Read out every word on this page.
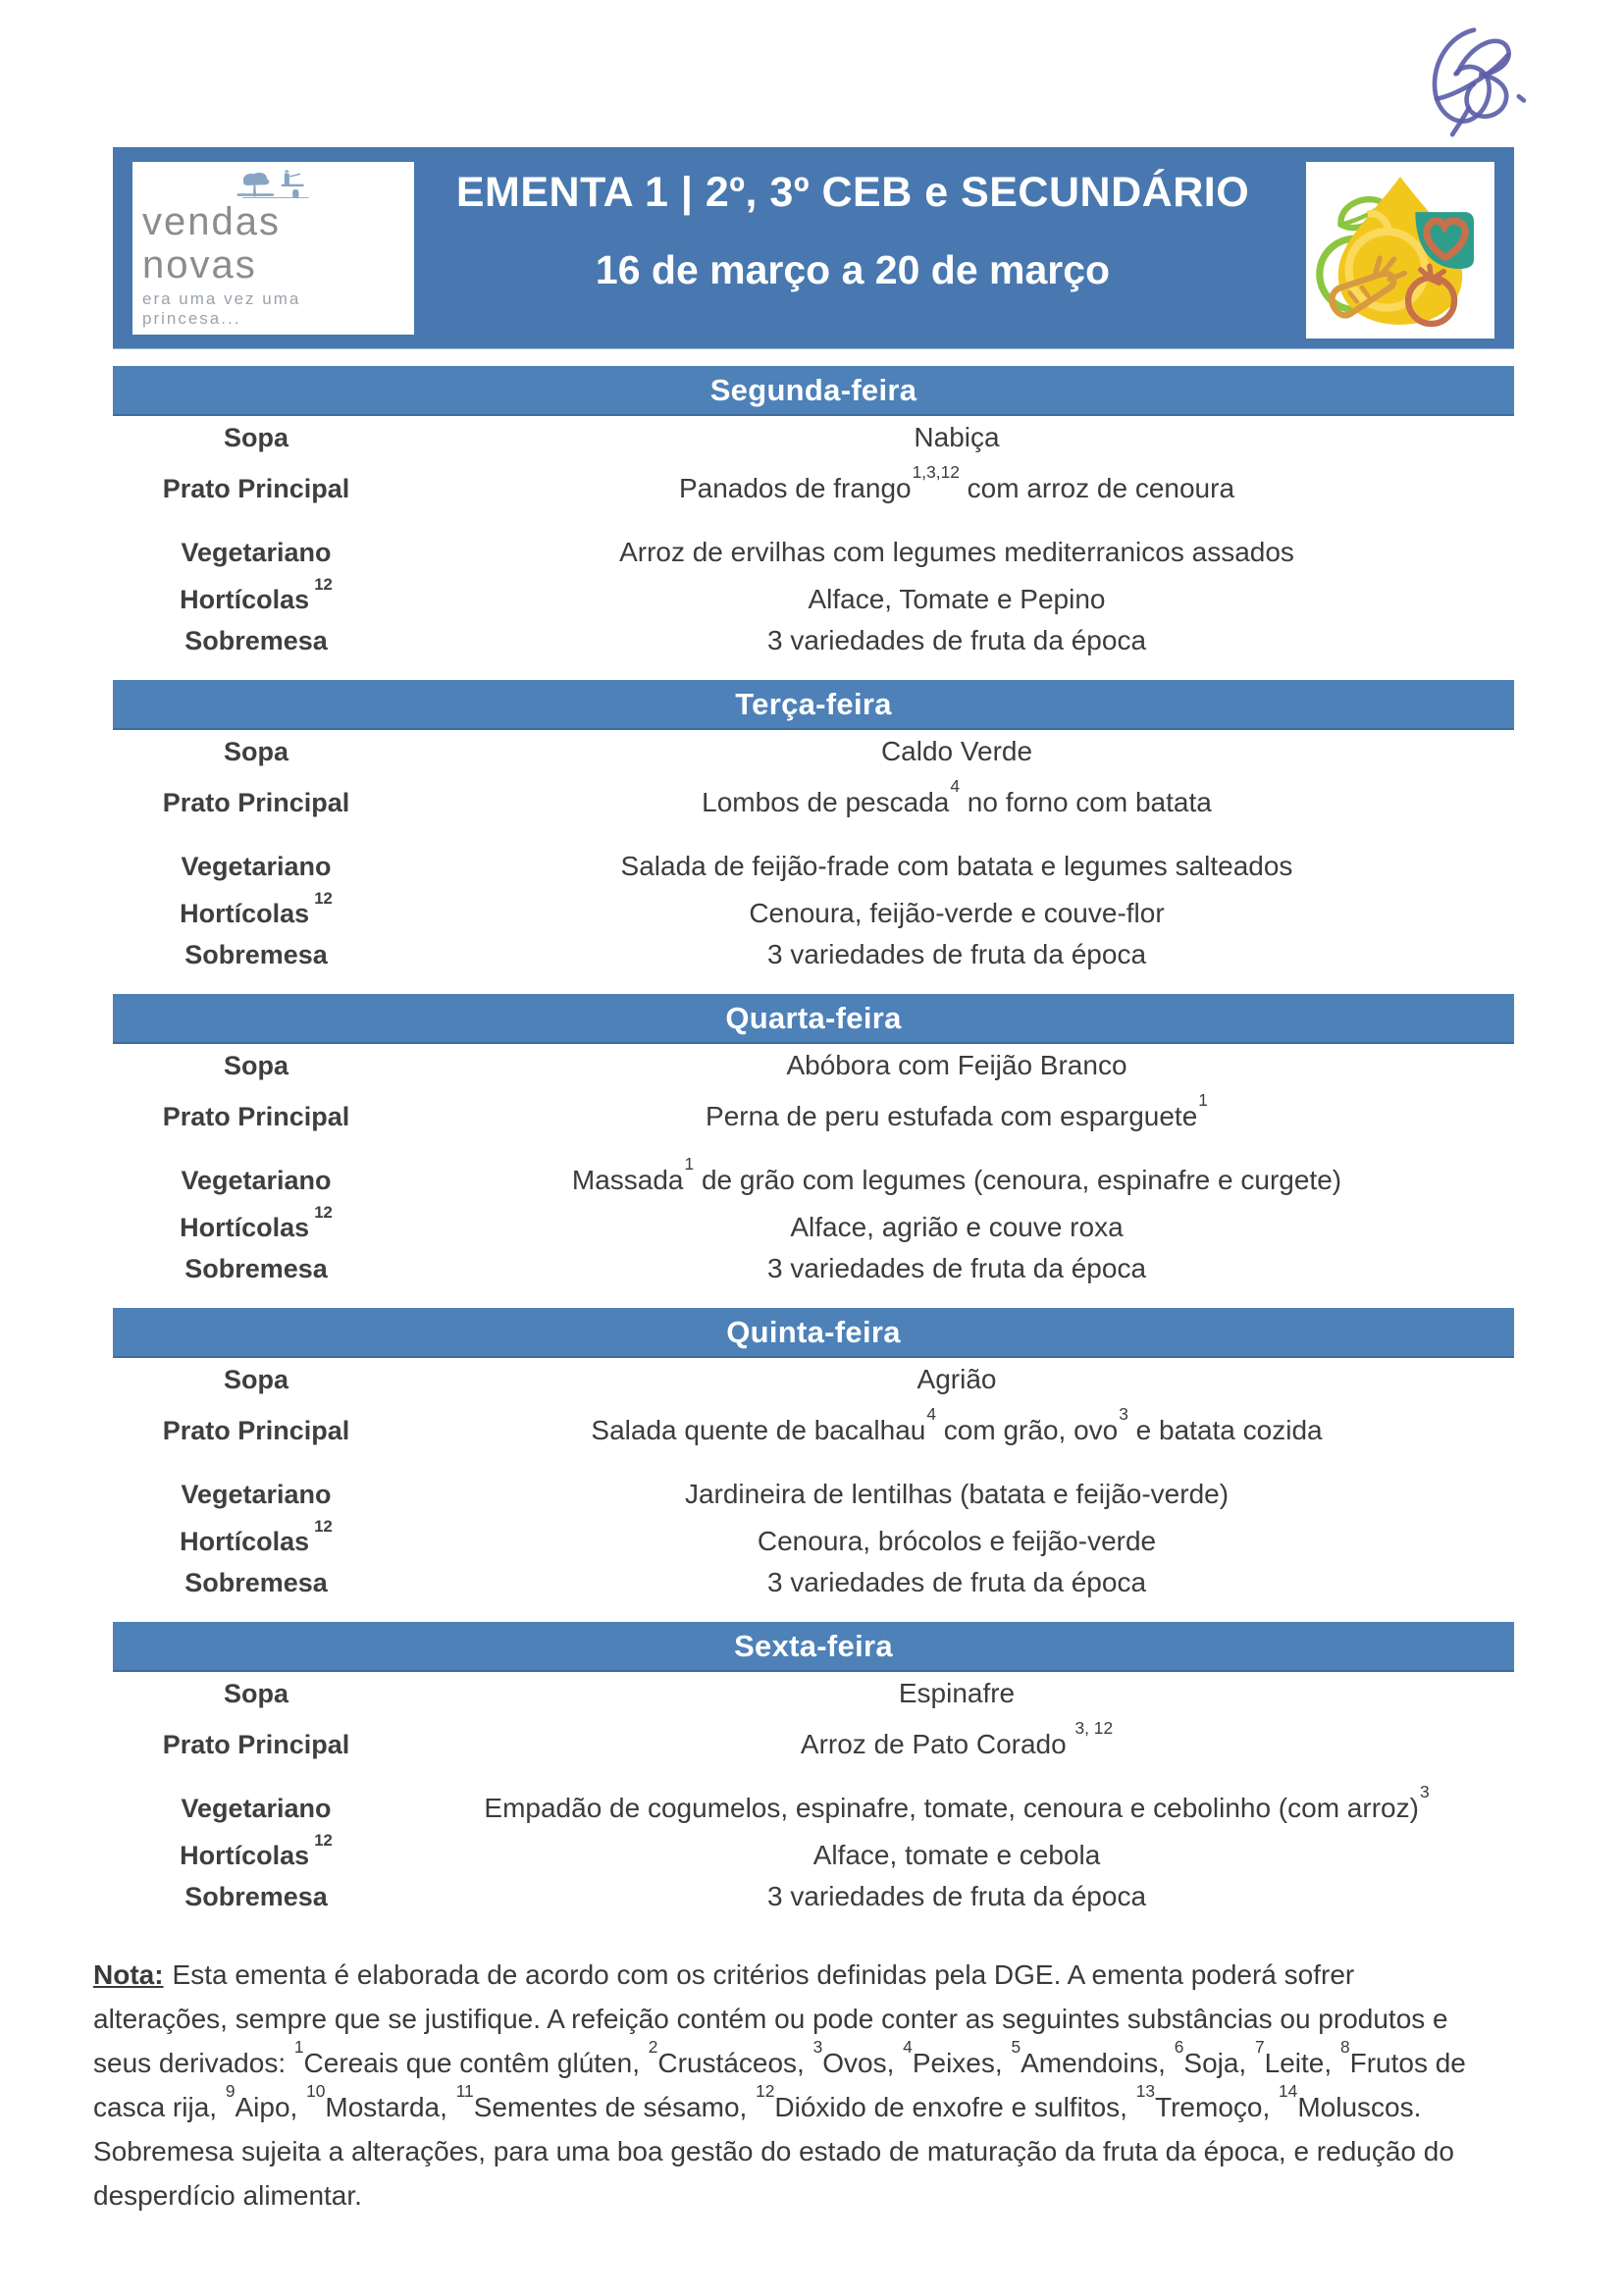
vendas novas
era uma vez uma princesa...
EMENTA 1 | 2º, 3º CEB e SECUNDÁRIO
16 de março a 20 de março
Segunda-feira
Sopa	Nabiça
Prato Principal	Panados de frango$^{1,3,12}$ com arroz de cenoura
Vegetariano	Arroz de ervilhas com legumes mediterranicos assados
Hortícolas$^{12}$	Alface, Tomate e Pepino
Sobremesa	3 variedades de fruta da época
Terça-feira
Sopa	Caldo Verde
Prato Principal	Lombos de pescada$^4$ no forno com batata
Vegetariano	Salada de feijão-frade com batata e legumes salteados
Hortícolas$^{12}$	Cenoura, feijão-verde e couve-flor
Sobremesa	3 variedades de fruta da época
Quarta-feira
Sopa	Abóbora com Feijão Branco
Prato Principal	Perna de peru estufada com esparguete$^1$
Vegetariano	Massada$^1$ de grão com legumes (cenoura, espinafre e curgete)
Hortícolas$^{12}$	Alface, agrião e couve roxa
Sobremesa	3 variedades de fruta da época
Quinta-feira
Sopa	Agrião
Prato Principal	Salada quente de bacalhau$^4$ com grão, ovo$^3$ e batata cozida
Vegetariano	Jardineira de lentilhas (batata e feijão-verde)
Hortícolas$^{12}$	Cenoura, brócolos e feijão-verde
Sobremesa	3 variedades de fruta da época
Sexta-feira
Sopa	Espinafre
Prato Principal	Arroz de Pato Corado $^{3, 12}$
Vegetariano	Empadão de cogumelos, espinafre, tomate, cenoura e cebolinho (com arroz)$^3$
Hortícolas$^{12}$	Alface, tomate e cebola
Sobremesa	3 variedades de fruta da época

Nota: Esta ementa é elaborada de acordo com os critérios definidas pela DGE. A ementa poderá sofrer alterações, sempre que se justifique. A refeição contém ou pode conter as seguintes substâncias ou produtos e seus derivados: $^1$Cereais que contêm glúten, $^2$Crustáceos, $^3$Ovos, $^4$Peixes, $^5$Amendoins, $^6$Soja, $^7$Leite, $^8$Frutos de casca rija, $^9$Aipo, $^{10}$Mostarda, $^{11}$Sementes de sésamo, $^{12}$Dióxido de enxofre e sulfitos, $^{13}$Tremoço, $^{14}$Moluscos. Sobremesa sujeita a alterações, para uma boa gestão do estado de maturação da fruta da época, e redução do desperdício alimentar.
